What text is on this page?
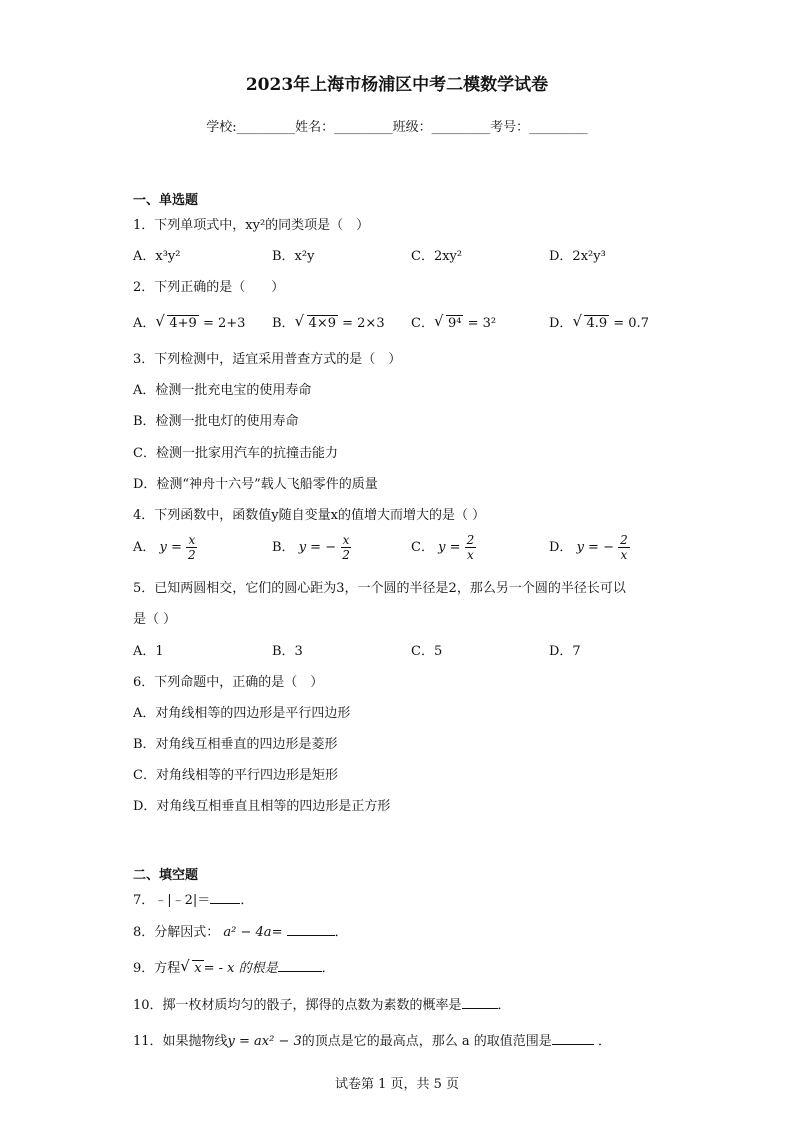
2023年上海市杨浦区中考二模数学试卷
学校:_________姓名：_________班级：_________考号：_________
一、单选题
1．下列单项式中，xy²的同类项是（　）
A．x³y²	B．x²y	C．2xy²	D．2x²y³
2．下列正确的是（　　）
A． √ 4+9 = 2+3 B． √ 4×9 = 2×3 C． √ 9⁴ = 3²	D． √ 4.9 = 0.7
3．下列检测中，适宜采用普查方式的是（　）
A．检测一批充电宝的使用寿命
B．检测一批电灯的使用寿命
C．检测一批家用汽车的抗撞击能力
D．检测“神舟十六号”载人飞船零件的质量
4．下列函数中，函数值y随自变量x的值增大而增大的是（ ）
A． $y = \frac{x}{2}$	B． y = − $\frac{x}{2}$	C． $y = \frac{2}{x}$	D． y = − $\frac{2}{x}$
5．已知两圆相交，它们的圆心距为3，一个圆的半径是2，那么另一个圆的半径长可以
是（ ）
A．1	B．3	C．5	D．7
6．下列命题中，正确的是（　）
A．对角线相等的四边形是平行四边形
B．对角线互相垂直的四边形是菱形
C．对角线相等的平行四边形是矩形
D．对角线互相垂直且相等的四边形是正方形
二、填空题
7．﹣|﹣2|＝ ．
8．分解因式： a² − 4a=	．
9．方程 √ x = - x 的根是	．
10．掷一枚材质均匀的骰子，掷得的点数为素数的概率是	．
11．如果抛物线y = ax² − 3的顶点是它的最高点，那么 a 的取值范围是	．
试卷第 1 页，共 5 页
